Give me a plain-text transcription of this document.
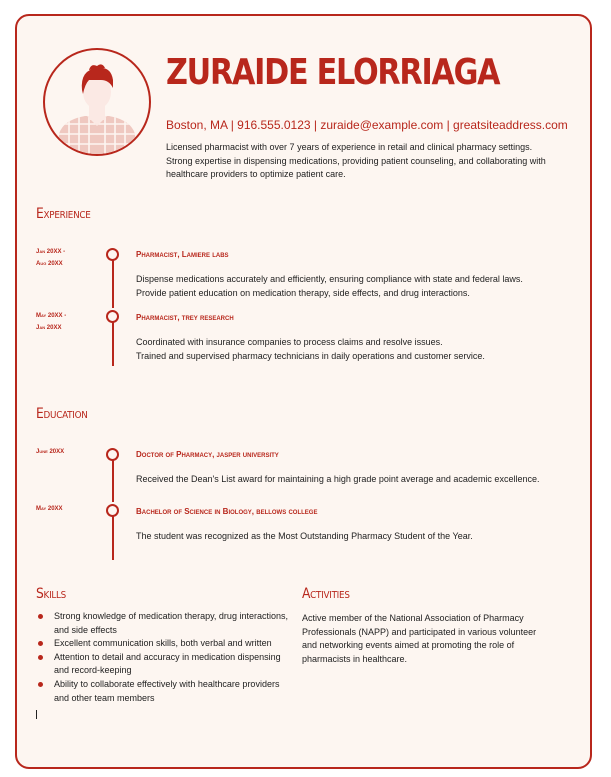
ZURAIDE ELORRIAGA
Boston, MA | 916.555.0123 | zuraide@example.com | greatsiteaddress.com

Licensed pharmacist with over 7 years of experience in retail and clinical pharmacy settings. Strong expertise in dispensing medications, providing patient counseling, and collaborating with healthcare providers to optimize patient care.

Experience
Jan 20XX -
Aug 20XX
Pharmacist, Lamiere labs
Dispense medications accurately and efficiently, ensuring compliance with state and federal laws.
Provide patient education on medication therapy, side effects, and drug interactions.
May 20XX -
Jan 20XX
Pharmacist, trey research
Coordinated with insurance companies to process claims and resolve issues.
Trained and supervised pharmacy technicians in daily operations and customer service.
Education
June 20XX	Doctor of Pharmacy, jasper university
Received the Dean's List award for maintaining a high grade point average and academic excellence.
May 20XX	Bachelor of Science in Biology, bellows college
The student was recognized as the Most Outstanding Pharmacy Student of the Year.
Skills
Strong knowledge of medication therapy, drug interactions, and side effects
Excellent communication skills, both verbal and written
Attention to detail and accuracy in medication dispensing and record-keeping
Ability to collaborate effectively with healthcare providers and other team members
Activities

Active member of the National Association of Pharmacy Professionals (NAPP) and participated in various volunteer and networking events aimed at promoting the role of pharmacists in healthcare.
